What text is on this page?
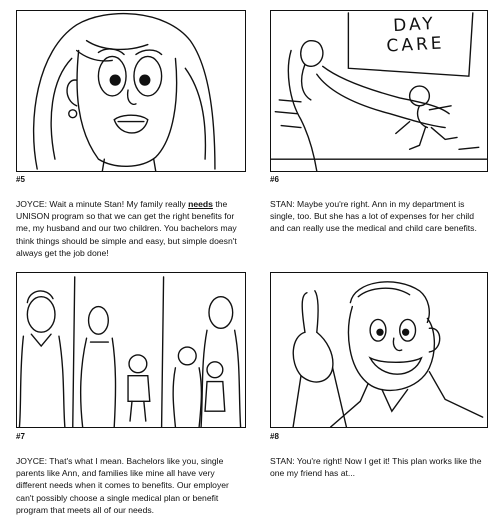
#5
JOYCE: Wait a minute Stan! My family really needs the UNISON program so that we can get the right benefits for me, my husband and our two children. You bachelors may think things should be simple and easy, but simple doesn't always get the job done!
DAY
CARE
#6
STAN: Maybe you're right. Ann in my department is single, too. But she has a lot of expenses for her child and can really use the medical and child care benefits.
#7
JOYCE: That's what I mean. Bachelors like you, single parents like Ann, and families like mine all have very different needs when it comes to benefits. Our employer can't possibly choose a single medical plan or benefit program that meets all of our needs.
#8
STAN: You're right! Now I get it! This plan works like the one my friend has at...
